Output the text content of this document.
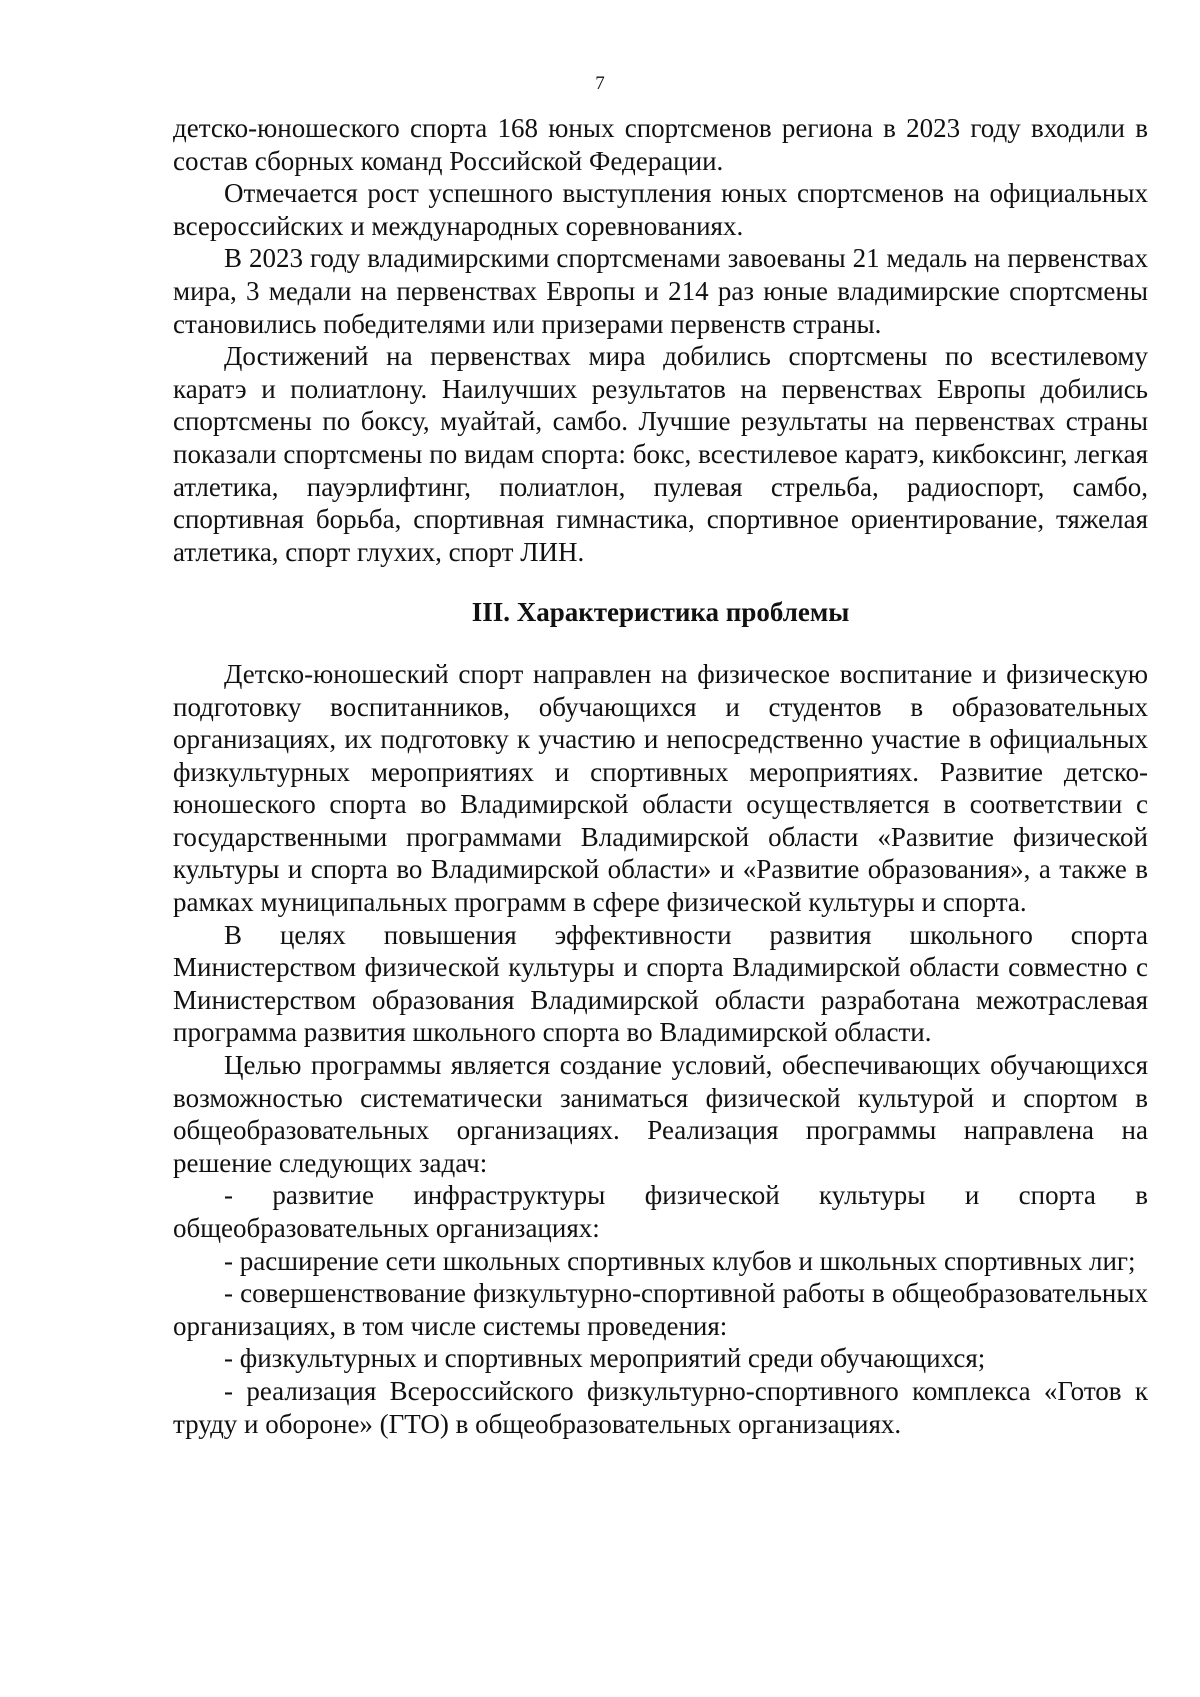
7

детско-юношеского спорта 168 юных спортсменов региона в 2023 году входили в состав сборных команд Российской Федерации.

Отмечается рост успешного выступления юных спортсменов на официальных всероссийских и международных соревнованиях.

В 2023 году владимирскими спортсменами завоеваны 21 медаль на первенствах мира, 3 медали на первенствах Европы и 214 раз юные владимирские спортсмены становились победителями или призерами первенств страны.

Достижений на первенствах мира добились спортсмены по всестилевому каратэ и полиатлону. Наилучших результатов на первенствах Европы добились спортсмены по боксу, муайтай, самбо. Лучшие результаты на первенствах страны показали спортсмены по видам спорта: бокс, всестилевое каратэ, кикбоксинг, легкая атлетика, пауэрлифтинг, полиатлон, пулевая стрельба, радиоспорт, самбо, спортивная борьба, спортивная гимнастика, спортивное ориентирование, тяжелая атлетика, спорт глухих, спорт ЛИН.

III. Характеристика проблемы

Детско-юношеский спорт направлен на физическое воспитание и физическую подготовку воспитанников, обучающихся и студентов в образовательных организациях, их подготовку к участию и непосредственно участие в официальных физкультурных мероприятиях и спортивных мероприятиях. Развитие детско-юношеского спорта во Владимирской области осуществляется в соответствии с государственными программами Владимирской области «Развитие физической культуры и спорта во Владимирской области» и «Развитие образования», а также в рамках муниципальных программ в сфере физической культуры и спорта.

В целях повышения эффективности развития школьного спорта Министерством физической культуры и спорта Владимирской области совместно с Министерством образования Владимирской области разработана межотраслевая программа развития школьного спорта во Владимирской области.

Целью программы является создание условий, обеспечивающих обучающихся возможностью систематически заниматься физической культурой и спортом в общеобразовательных организациях. Реализация программы направлена на решение следующих задач:

- развитие инфраструктуры физической культуры и спорта в общеобразовательных организациях:

- расширение сети школьных спортивных клубов и школьных спортивных лиг;

- совершенствование физкультурно-спортивной работы в общеобразовательных организациях, в том числе системы проведения:

- физкультурных и спортивных мероприятий среди обучающихся;

- реализация Всероссийского физкультурно-спортивного комплекса «Готов к труду и обороне» (ГТО) в общеобразовательных организациях.
